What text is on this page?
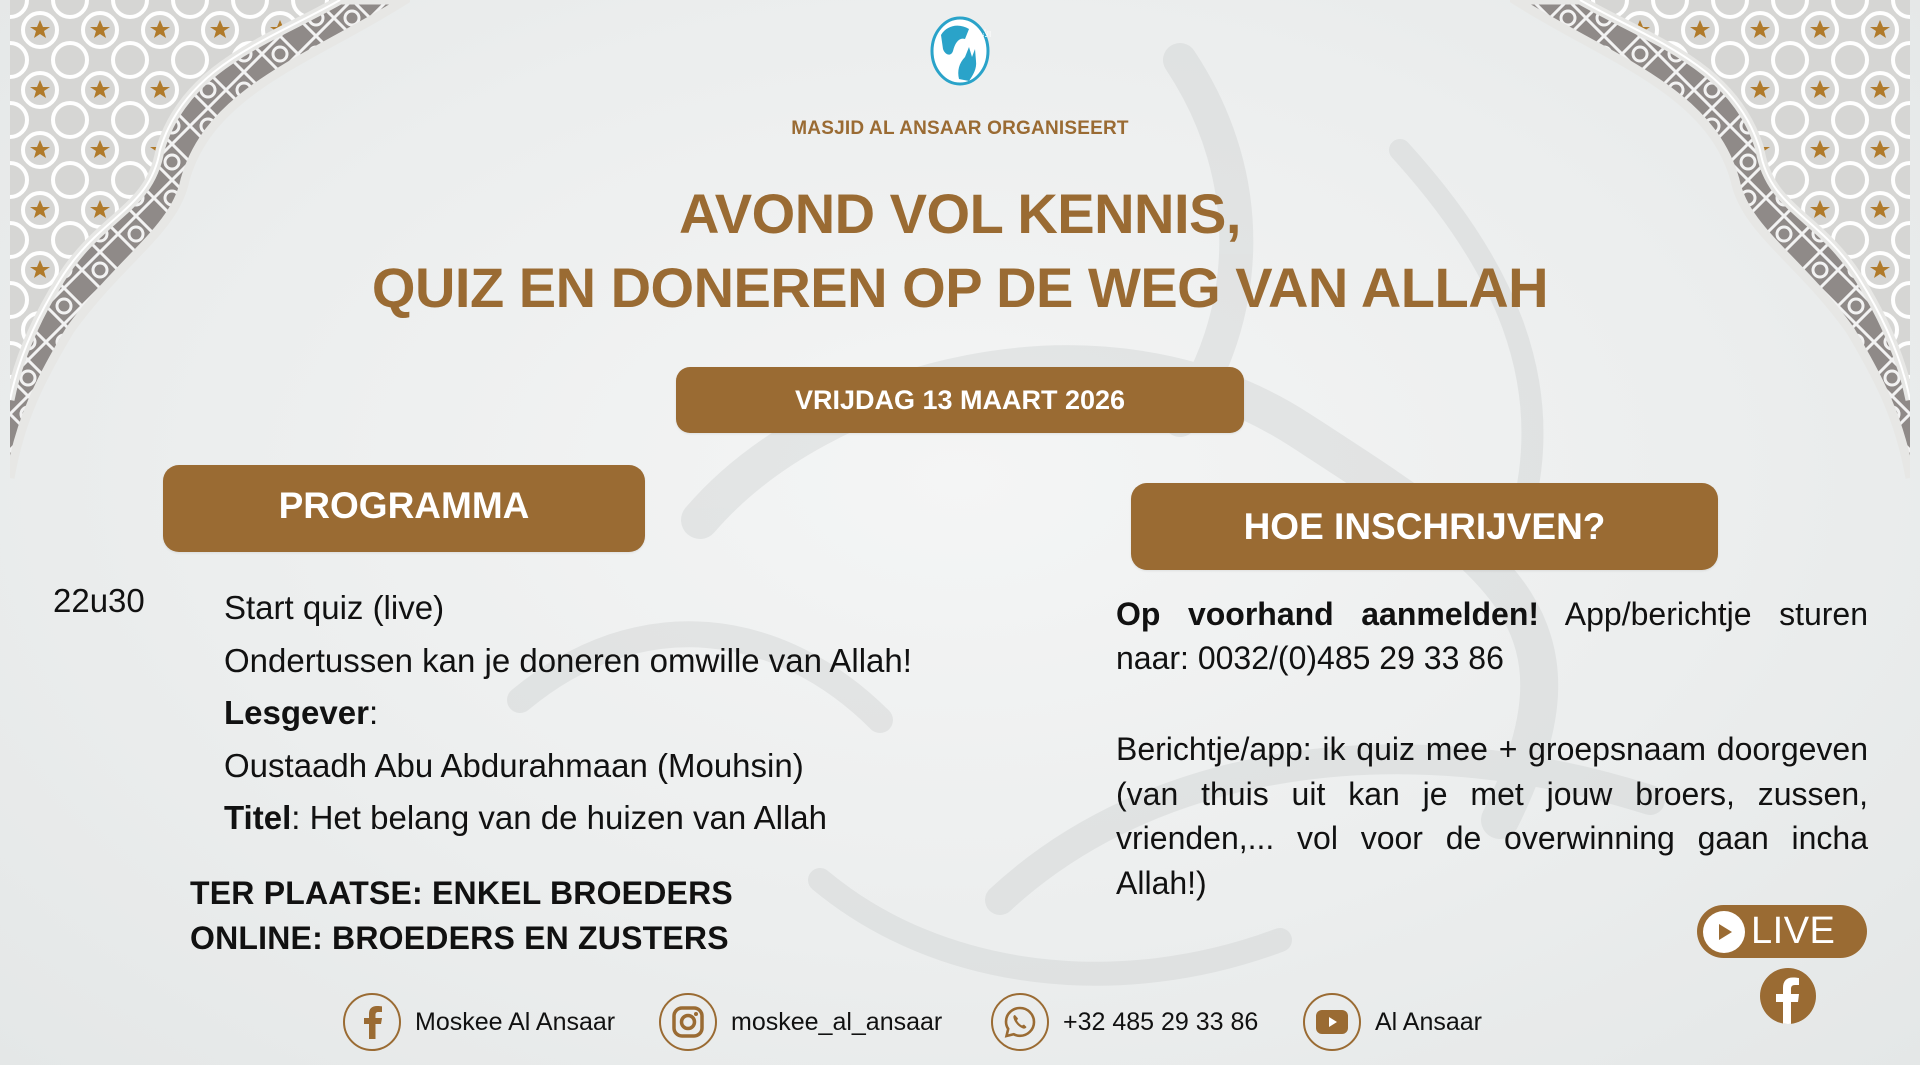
الأنصار
MASJID AL ANSAAR ORGANISEERT
AVOND VOL KENNIS,
QUIZ EN DONEREN OP DE WEG VAN ALLAH
VRIJDAG 13 MAART 2026
PROGRAMMA
22u30 Start quiz (live)
Ondertussen kan je doneren omwille van Allah!
Lesgever:
Oustaadh Abu Abdurahmaan (Mouhsin)
Titel: Het belang van de huizen van Allah
TER PLAATSE: ENKEL BROEDERS
ONLINE: BROEDERS EN ZUSTERS
HOE INSCHRIJVEN?
Op voorhand aanmelden! App/berichtje sturen naar: 0032/(0)485 29 33 86
Berichtje/app: ik quiz mee + groepsnaam doorgeven (van thuis uit kan je met jouw broers, zussen, vrienden,... vol voor de overwinning gaan incha Allah!)
LIVE
Moskee Al Ansaar	moskee_al_ansaar	+32 485 29 33 86	Al Ansaar
